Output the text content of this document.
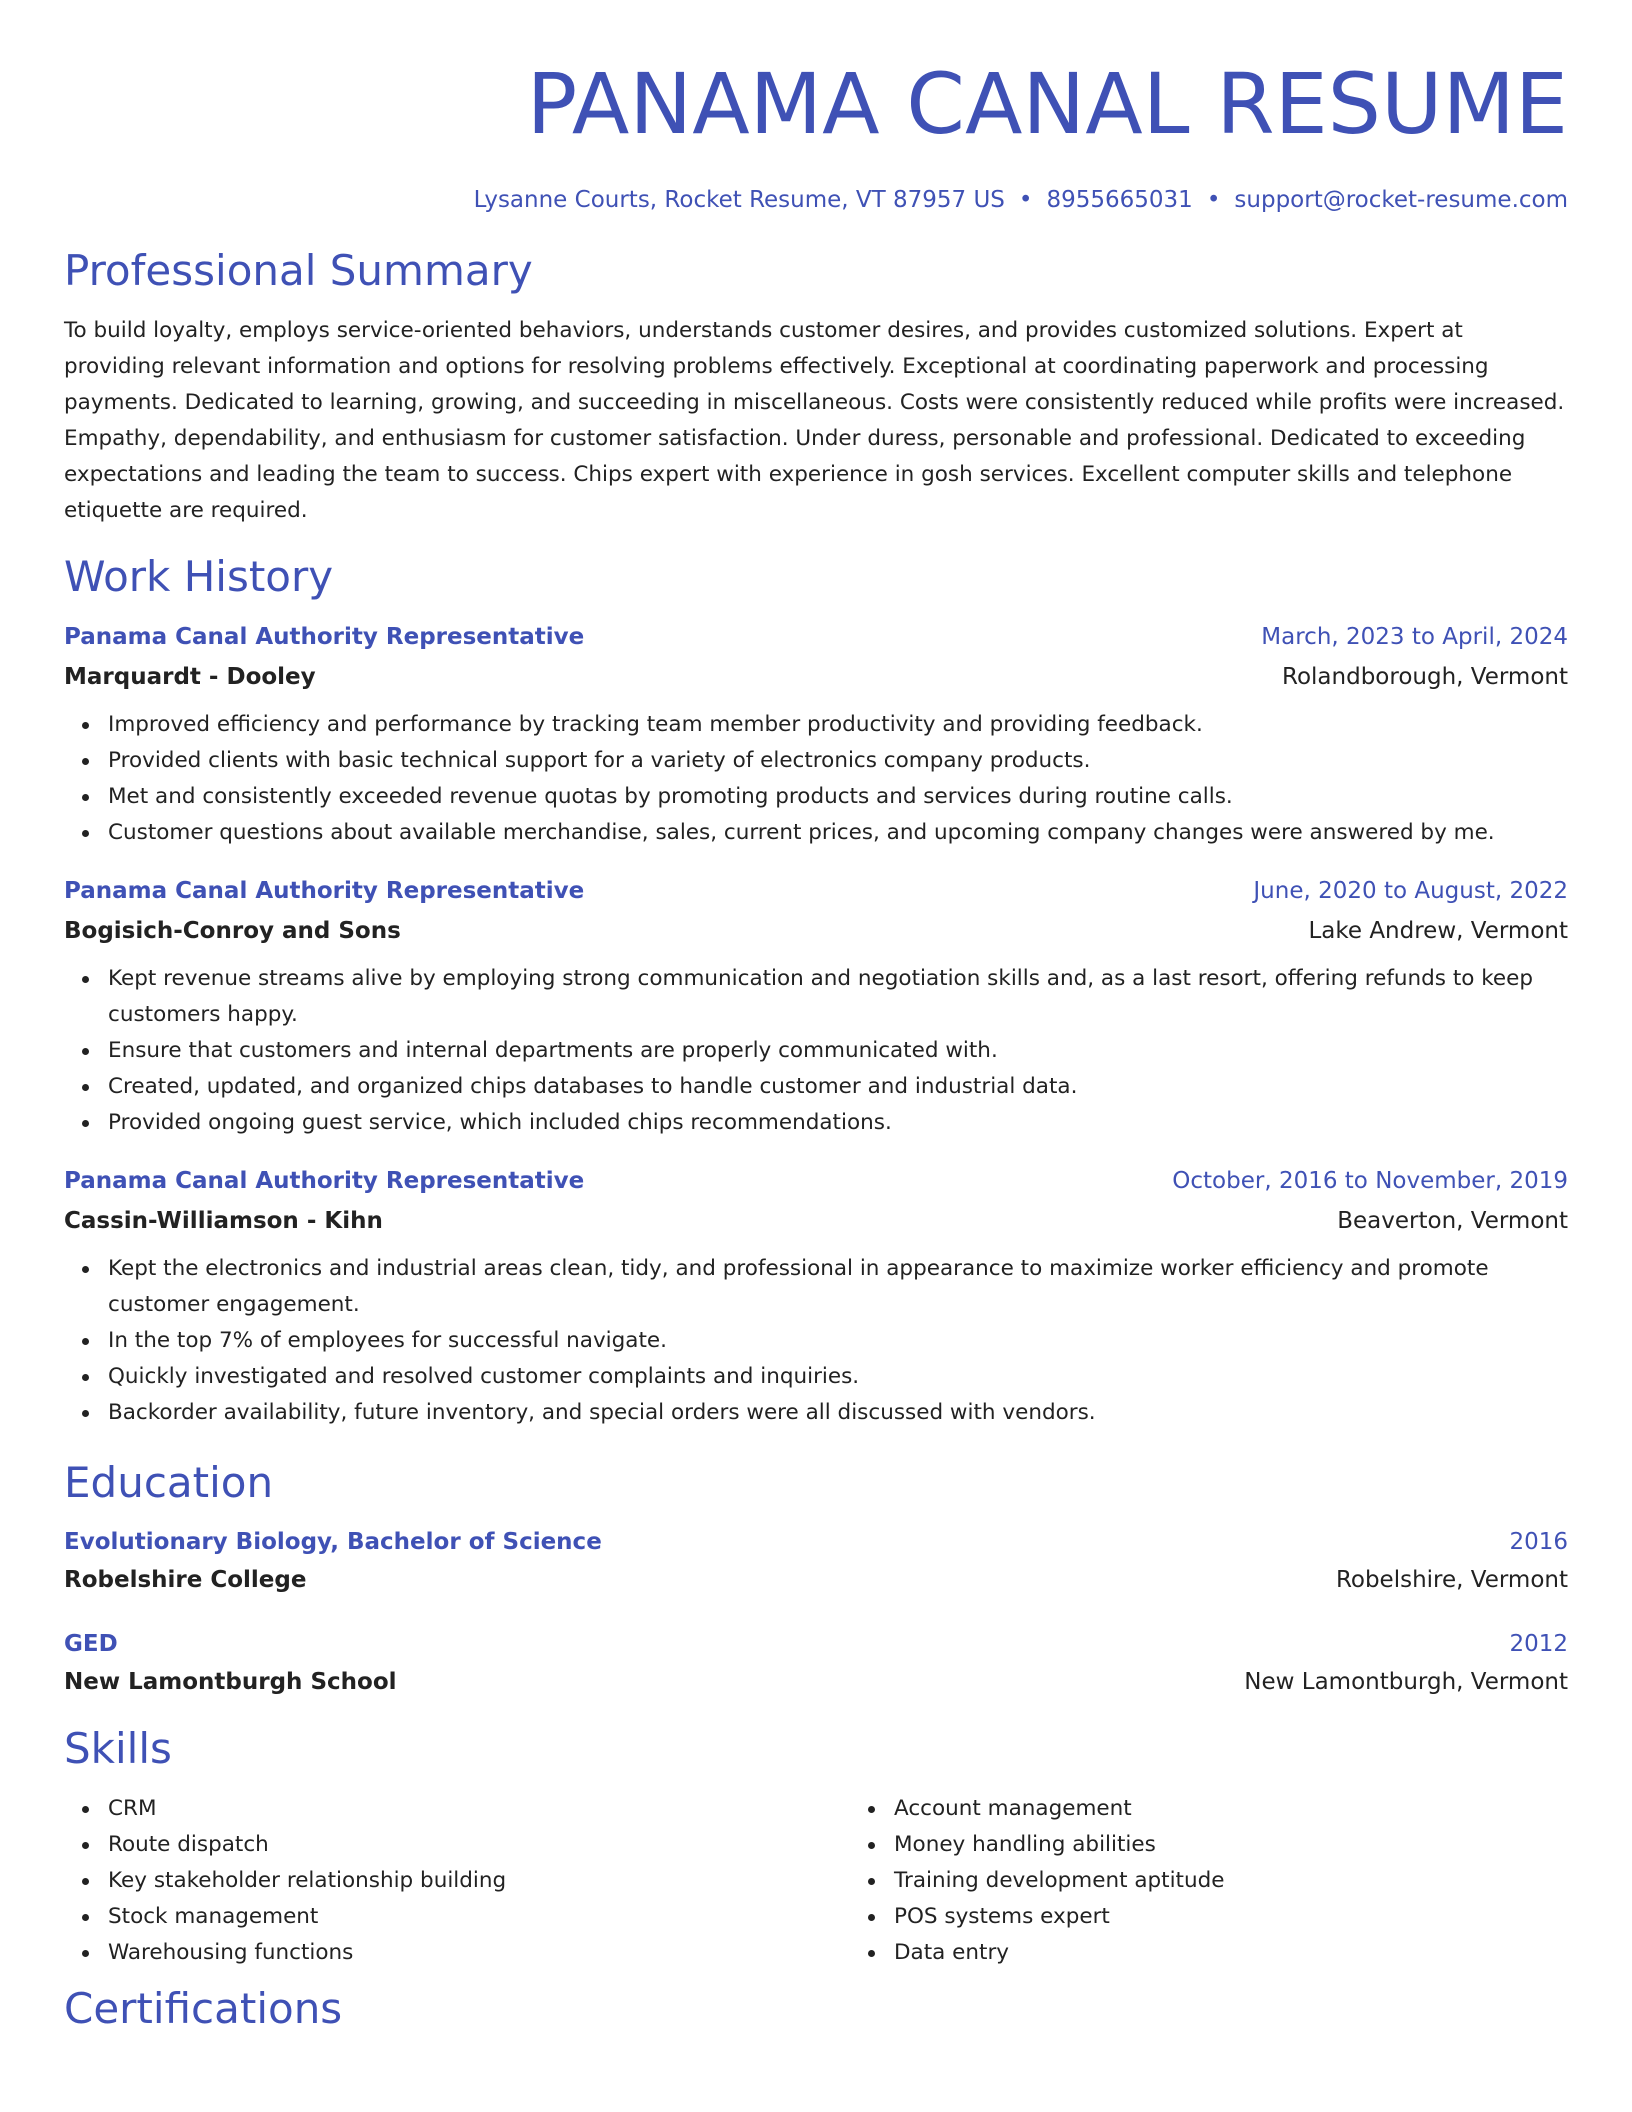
PANAMA CANAL RESUME
Lysanne Courts, Rocket Resume, VT 87957 US • 8955665031 • support@rocket-resume.com
Professional Summary

To build loyalty, employs service-oriented behaviors, understands customer desires, and provides customized solutions. Expert at providing relevant information and options for resolving problems effectively. Exceptional at coordinating paperwork and processing payments. Dedicated to learning, growing, and succeeding in miscellaneous. Costs were consistently reduced while profits were increased. Empathy, dependability, and enthusiasm for customer satisfaction. Under duress, personable and professional. Dedicated to exceeding expectations and leading the team to success. Chips expert with experience in gosh services. Excellent computer skills and telephone etiquette are required.

Work History
Panama Canal Authority Representative	March, 2023 to April, 2024
Marquardt - Dooley	Rolandborough, Vermont
Improved efficiency and performance by tracking team member productivity and providing feedback.
Provided clients with basic technical support for a variety of electronics company products.
Met and consistently exceeded revenue quotas by promoting products and services during routine calls.
Customer questions about available merchandise, sales, current prices, and upcoming company changes were answered by me.
Panama Canal Authority Representative	June, 2020 to August, 2022
Bogisich-Conroy and Sons	Lake Andrew, Vermont
Kept revenue streams alive by employing strong communication and negotiation skills and, as a last resort, offering refunds to keep customers happy.
Ensure that customers and internal departments are properly communicated with.
Created, updated, and organized chips databases to handle customer and industrial data.
Provided ongoing guest service, which included chips recommendations.
Panama Canal Authority Representative	October, 2016 to November, 2019
Cassin-Williamson - Kihn	Beaverton, Vermont
Kept the electronics and industrial areas clean, tidy, and professional in appearance to maximize worker efficiency and promote customer engagement.
In the top 7% of employees for successful navigate.
Quickly investigated and resolved customer complaints and inquiries.
Backorder availability, future inventory, and special orders were all discussed with vendors.
Education
Evolutionary Biology, Bachelor of Science	2016
Robelshire College	Robelshire, Vermont
GED	2012
New Lamontburgh School	New Lamontburgh, Vermont
Skills
CRM
Route dispatch
Key stakeholder relationship building
Stock management
Warehousing functions
Account management
Money handling abilities
Training development aptitude
POS systems expert
Data entry
Certifications
